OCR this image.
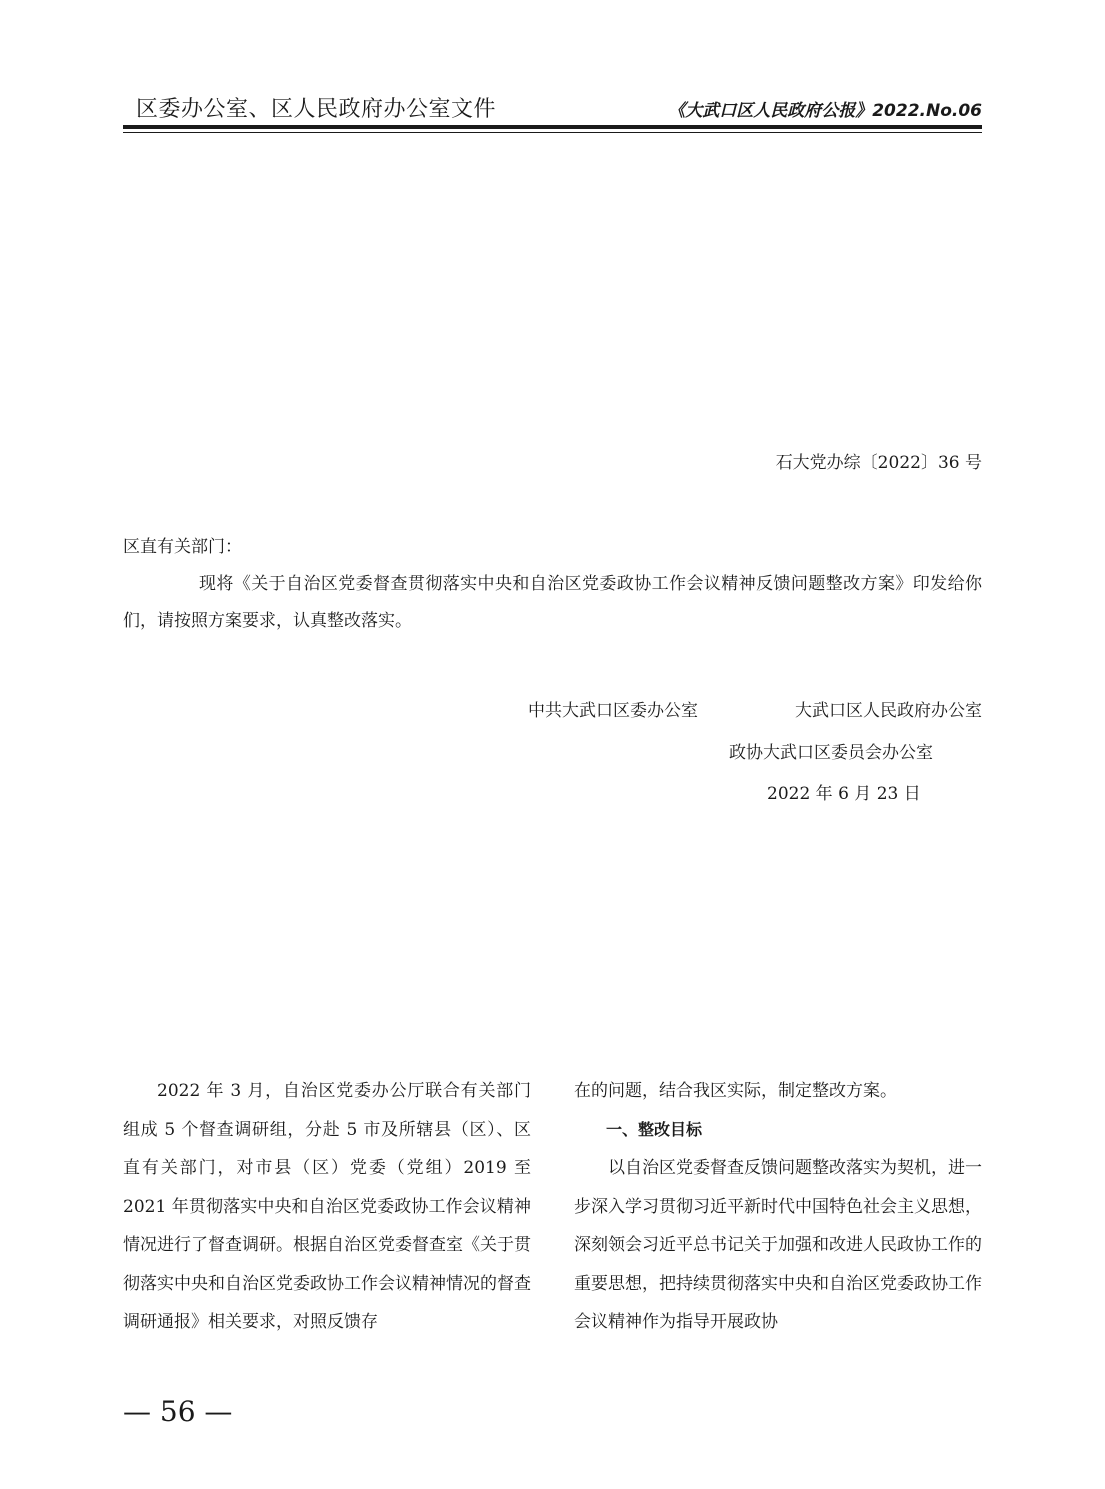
区委办公室、区人民政府办公室文件	《大武口区人民政府公报》2022.No.06
石大党办综〔2022〕36 号
区直有关部门：
现将《关于自治区党委督查贯彻落实中央和自治区党委政协工作会议精神反馈问题整改方案》印发给你们，请按照方案要求，认真整改落实。
中共大武口区委办公室	大武口区人民政府办公室
政协大武口区委员会办公室
2022 年 6 月 23 日

2022 年 3 月，自治区党委办公厅联合有关部门组成 5 个督查调研组，分赴 5 市及所辖县（区）、区直有关部门，对市县（区）党委（党组）2019 至 2021 年贯彻落实中央和自治区党委政协工作会议精神情况进行了督查调研。根据自治区党委督查室《关于贯彻落实中央和自治区党委政协工作会议精神情况的督查调研通报》相关要求，对照反馈存

在的问题，结合我区实际，制定整改方案。

一、整改目标

以自治区党委督查反馈问题整改落实为契机，进一步深入学习贯彻习近平新时代中国特色社会主义思想，深刻领会习近平总书记关于加强和改进人民政协工作的重要思想，把持续贯彻落实中央和自治区党委政协工作会议精神作为指导开展政协

— 56 —
